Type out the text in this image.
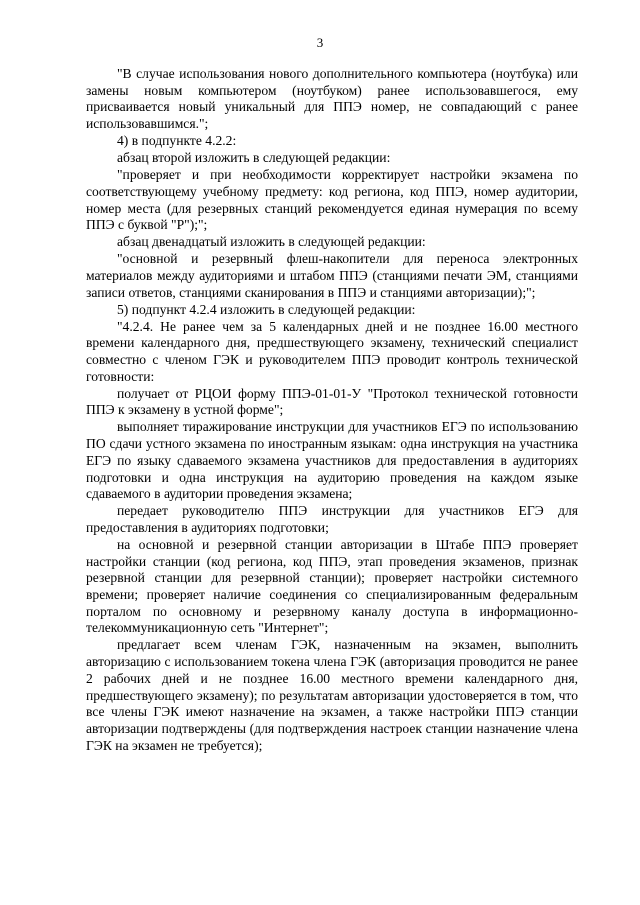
3

"В случае использования нового дополнительного компьютера (ноутбука) или замены новым компьютером (ноутбуком) ранее использовавшегося, ему присваивается новый уникальный для ППЭ номер, не совпадающий с ранее использовавшимся.";

4) в подпункте 4.2.2:

абзац второй изложить в следующей редакции:

"проверяет и при необходимости корректирует настройки экзамена по соответствующему учебному предмету: код региона, код ППЭ, номер аудитории, номер места (для резервных станций рекомендуется единая нумерация по всему ППЭ с буквой "Р");";

абзац двенадцатый изложить в следующей редакции:

"основной и резервный флеш-накопители для переноса электронных материалов между аудиториями и штабом ППЭ (станциями печати ЭМ, станциями записи ответов, станциями сканирования в ППЭ и станциями авторизации);";

5) подпункт 4.2.4 изложить в следующей редакции:

"4.2.4. Не ранее чем за 5 календарных дней и не позднее 16.00 местного времени календарного дня, предшествующего экзамену, технический специалист совместно с членом ГЭК и руководителем ППЭ проводит контроль технической готовности:

получает от РЦОИ форму ППЭ-01-01-У "Протокол технической готовности ППЭ к экзамену в устной форме";

выполняет тиражирование инструкции для участников ЕГЭ по использованию ПО сдачи устного экзамена по иностранным языкам: одна инструкция на участника ЕГЭ по языку сдаваемого экзамена участников для предоставления в аудиториях подготовки и одна инструкция на аудиторию проведения на каждом языке сдаваемого в аудитории проведения экзамена;

передает руководителю ППЭ инструкции для участников ЕГЭ для предоставления в аудиториях подготовки;

на основной и резервной станции авторизации в Штабе ППЭ проверяет настройки станции (код региона, код ППЭ, этап проведения экзаменов, признак резервной станции для резервной станции); проверяет настройки системного времени; проверяет наличие соединения со специализированным федеральным порталом по основному и резервному каналу доступа в информационно-телекоммуникационную сеть "Интернет";

предлагает всем членам ГЭК, назначенным на экзамен, выполнить авторизацию с использованием токена члена ГЭК (авторизация проводится не ранее 2 рабочих дней и не позднее 16.00 местного времени календарного дня, предшествующего экзамену); по результатам авторизации удостоверяется в том, что все члены ГЭК имеют назначение на экзамен, а также настройки ППЭ станции авторизации подтверждены (для подтверждения настроек станции назначение члена ГЭК на экзамен не требуется);
